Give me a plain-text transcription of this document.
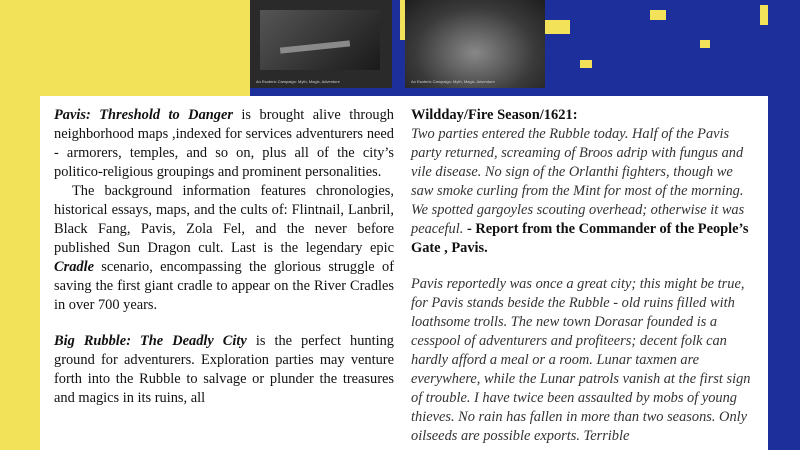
An Esoteric Campaign: Myth, Magic, Adventure	An Esoteric Campaign: Myth, Magic, Adventure

Pavis: Threshold to Danger is brought alive through neighborhood maps ,indexed for services adventurers need - armorers, temples, and so on, plus all of the city’s politico-religious groupings and prominent personalities.

The background information features chronologies, historical essays, maps, and the cults of: Flintnail, Lanbril, Black Fang, Pavis, Zola Fel, and the never before published Sun Dragon cult. Last is the legendary epic Cradle scenario, encompassing the glorious struggle of saving the first giant cradle to appear on the River Cradles in over 700 years.

Big Rubble: The Deadly City is the perfect hunting ground for adventurers. Exploration parties may venture forth into the Rubble to salvage or plunder the treasures and magics in its ruins, all

Wildday/Fire Season/1621:

Two parties entered the Rubble today. Half of the Pavis party returned, screaming of Broos adrip with fungus and vile disease. No sign of the Orlanthi fighters, though we saw smoke curling from the Mint for most of the morning. We spotted gargoyles scouting overhead; otherwise it was peaceful. - Report from the Commander of the People’s Gate , Pavis.

Pavis reportedly was once a great city; this might be true, for Pavis stands beside the Rubble - old ruins filled with loathsome trolls. The new town Dorasar founded is a cesspool of adventurers and profiteers; decent folk can hardly afford a meal or a room. Lunar taxmen are everywhere, while the Lunar patrols vanish at the first sign of trouble. I have twice been assaulted by mobs of young thieves. No rain has fallen in more than two seasons. Only oilseeds are possible exports. Terrible
